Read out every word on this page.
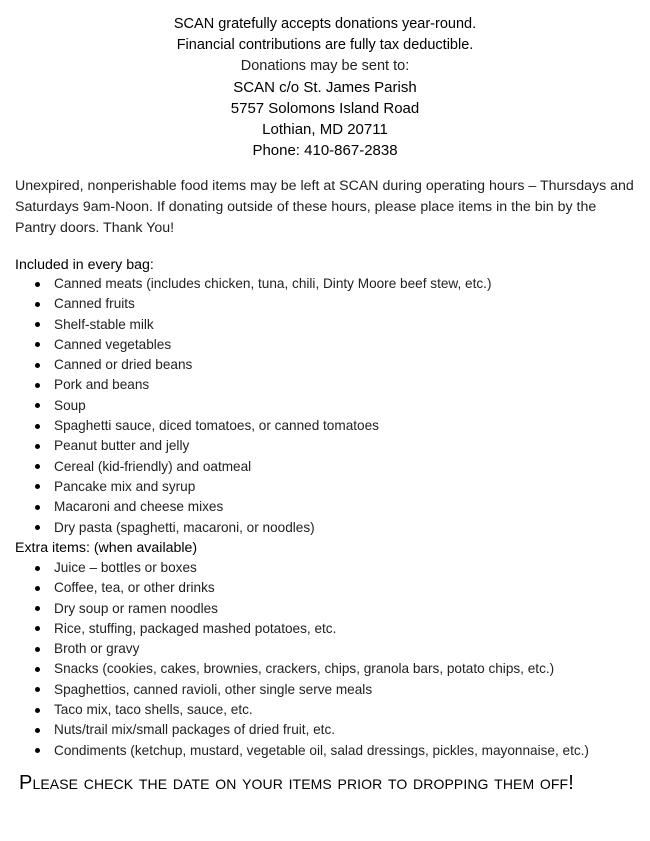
SCAN gratefully accepts donations year-round.
Financial contributions are fully tax deductible.
Donations may be sent to:
SCAN c/o St. James Parish
5757 Solomons Island Road
Lothian, MD 20711
Phone: 410-867-2838
Unexpired, nonperishable food items may be left at SCAN during operating hours – Thursdays and Saturdays 9am-Noon. If donating outside of these hours, please place items in the bin by the Pantry doors. Thank You!
Included in every bag:
Canned meats (includes chicken, tuna, chili, Dinty Moore beef stew, etc.)
Canned fruits
Shelf-stable milk
Canned vegetables
Canned or dried beans
Pork and beans
Soup
Spaghetti sauce, diced tomatoes, or canned tomatoes
Peanut butter and jelly
Cereal (kid-friendly) and oatmeal
Pancake mix and syrup
Macaroni and cheese mixes
Dry pasta (spaghetti, macaroni, or noodles)
Extra items: (when available)
Juice – bottles or boxes
Coffee, tea, or other drinks
Dry soup or ramen noodles
Rice, stuffing, packaged mashed potatoes, etc.
Broth or gravy
Snacks (cookies, cakes, brownies, crackers, chips, granola bars, potato chips, etc.)
Spaghettios, canned ravioli, other single serve meals
Taco mix, taco shells, sauce, etc.
Nuts/trail mix/small packages of dried fruit, etc.
Condiments (ketchup, mustard, vegetable oil, salad dressings, pickles, mayonnaise, etc.)
Please check the date on your items prior to dropping them off!
